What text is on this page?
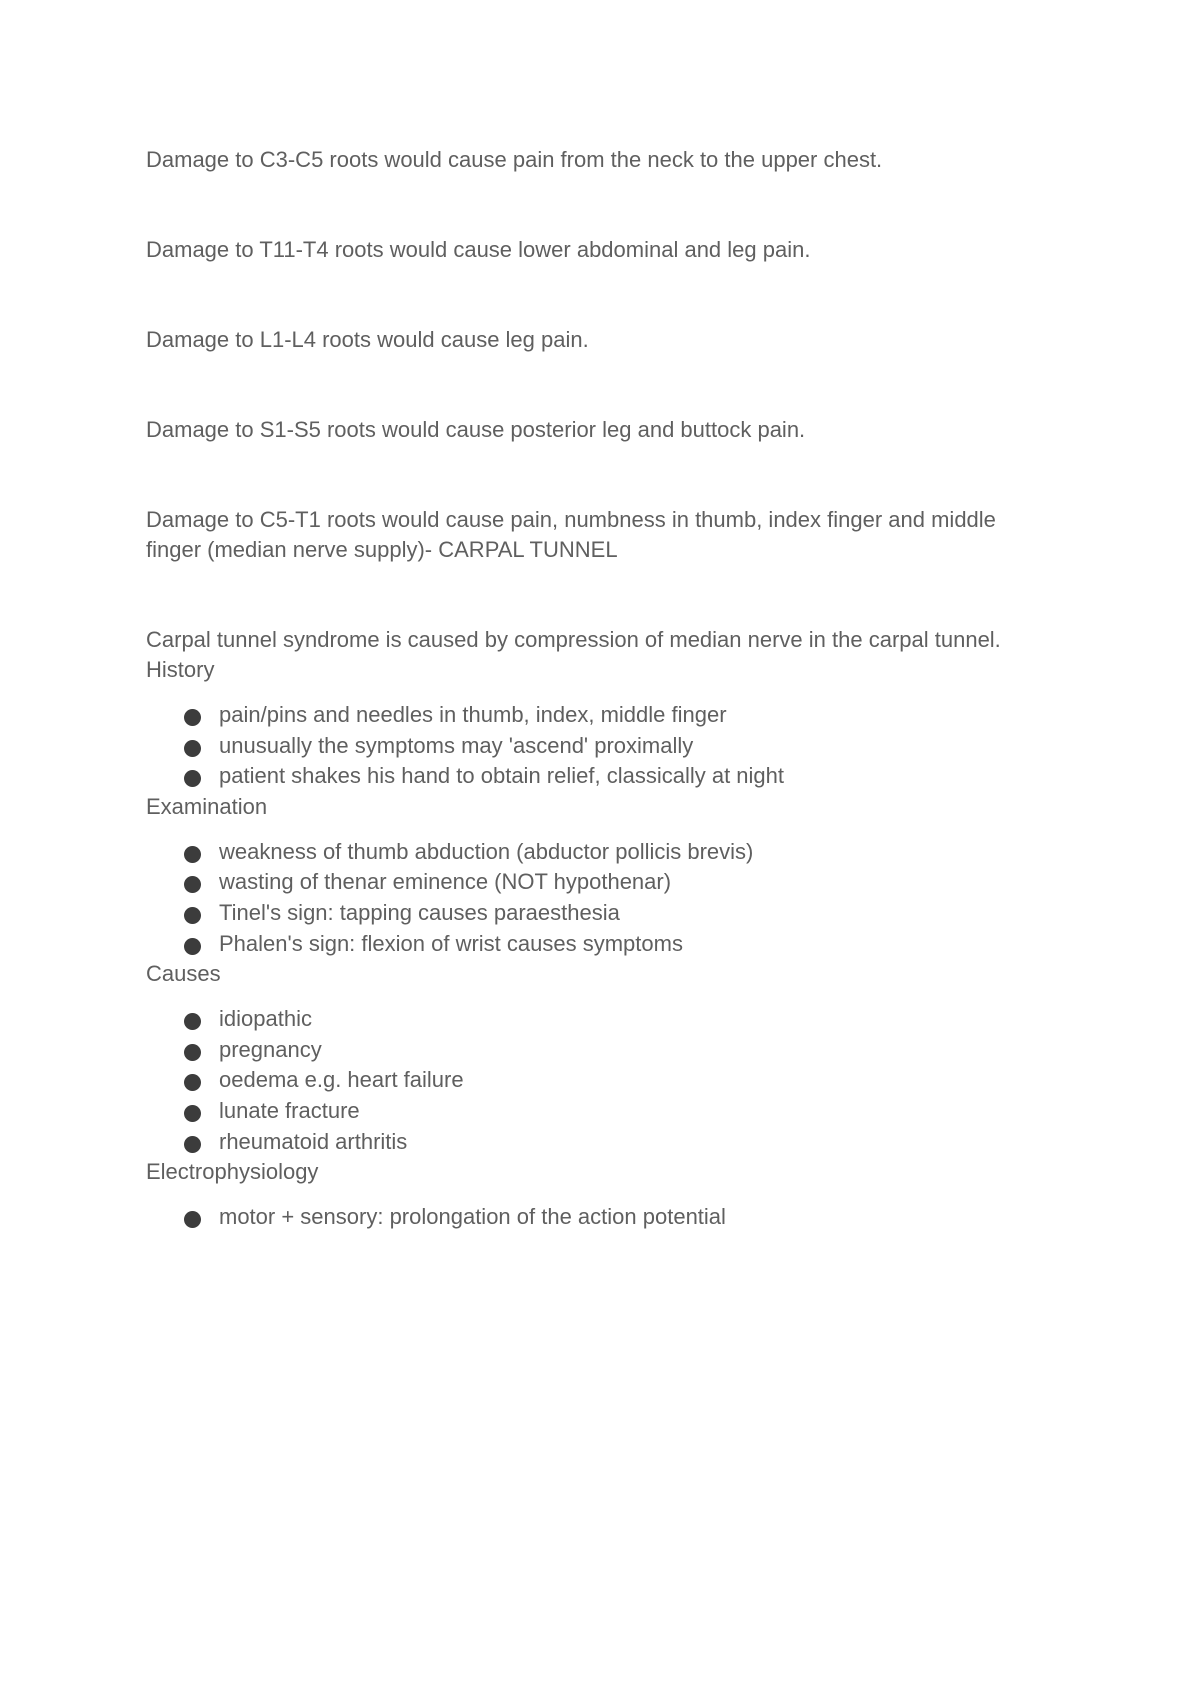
Damage to C3-C5 roots would cause pain from the neck to the upper chest.

Damage to T11-T4 roots would cause lower abdominal and leg pain.

Damage to L1-L4 roots would cause leg pain.

Damage to S1-S5 roots would cause posterior leg and buttock pain.

Damage to C5-T1 roots would cause pain, numbness in thumb, index finger and middle finger (median nerve supply)- CARPAL TUNNEL

Carpal tunnel syndrome is caused by compression of median nerve in the carpal tunnel.

History

pain/pins and needles in thumb, index, middle finger
unusually the symptoms may 'ascend' proximally
patient shakes his hand to obtain relief, classically at night

Examination

weakness of thumb abduction (abductor pollicis brevis)
wasting of thenar eminence (NOT hypothenar)
Tinel's sign: tapping causes paraesthesia
Phalen's sign: flexion of wrist causes symptoms

Causes

idiopathic
pregnancy
oedema e.g. heart failure
lunate fracture
rheumatoid arthritis

Electrophysiology

motor + sensory: prolongation of the action potential
